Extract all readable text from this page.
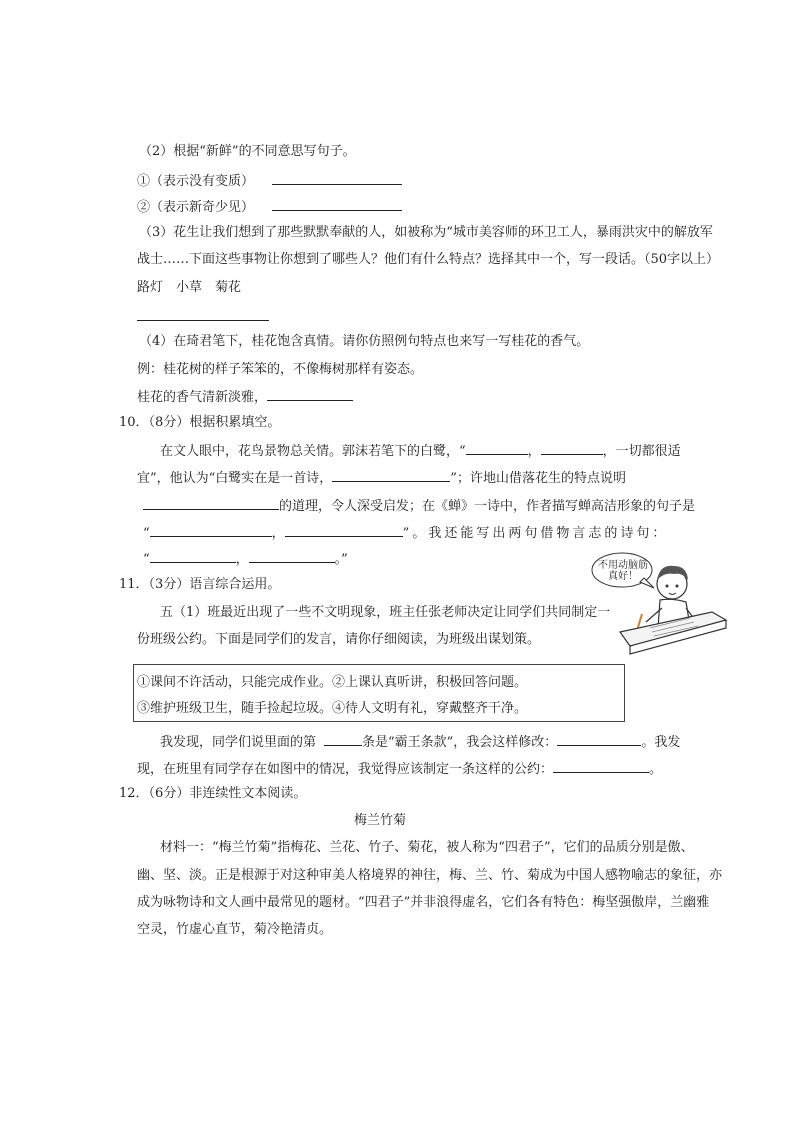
（2）根据“新鲜”的不同意思写句子。
①（表示没有变质）
②（表示新奇少见）
（3）花生让我们想到了那些默默奉献的人，如被称为“城市美容师的环卫工人，暴雨洪灾中的解放军
战士……下面这些事物让你想到了哪些人？他们有什么特点？选择其中一个，写一段话。（50字以上）
路灯　小草　菊花
（4）在琦君笔下，桂花饱含真情。请你仿照例句特点也来写一写桂花的香气。
例：桂花树的样子笨笨的，不像梅树那样有姿态。
桂花的香气清新淡雅，
10．（8分）根据积累填空。
在文人眼中，花鸟景物总关情。郭沫若笔下的白鹭，“	，	，一切都很适
宜”，他认为“白鹭实在是一首诗，	”；许地山借落花生的特点说明
的道理，令人深受启发；在《蝉》一诗中，作者描写蝉高洁形象的句子是
“	，	”。我还能写出两句借物言志的诗句：
“	，	。”
11．（3分）语言综合运用。
五（1）班最近出现了一些不文明现象，班主任张老师决定让同学们共同制定一
份班级公约。下面是同学们的发言，请你仔细阅读，为班级出谋划策。
不用动脑筋
真好！
①课间不许活动，只能完成作业。②上课认真听讲，积极回答问题。
③维护班级卫生，随手捡起垃圾。④待人文明有礼，穿戴整齐干净。
我发现，同学们说里面的第	条是“霸王条款”，我会这样修改：	。我发
现，在班里有同学存在如图中的情况，我觉得应该制定一条这样的公约：	。
12．（6分）非连续性文本阅读。
梅兰竹菊
材料一：“梅兰竹菊”指梅花、兰花、竹子、菊花，被人称为“四君子”，它们的品质分别是傲、
幽、坚、淡。正是根源于对这种审美人格境界的神往，梅、兰、竹、菊成为中国人感物喻志的象征，亦
成为咏物诗和文人画中最常见的题材。“四君子”并非浪得虚名，它们各有特色：梅坚强傲岸，兰幽雅
空灵，竹虚心直节，菊冷艳清贞。
